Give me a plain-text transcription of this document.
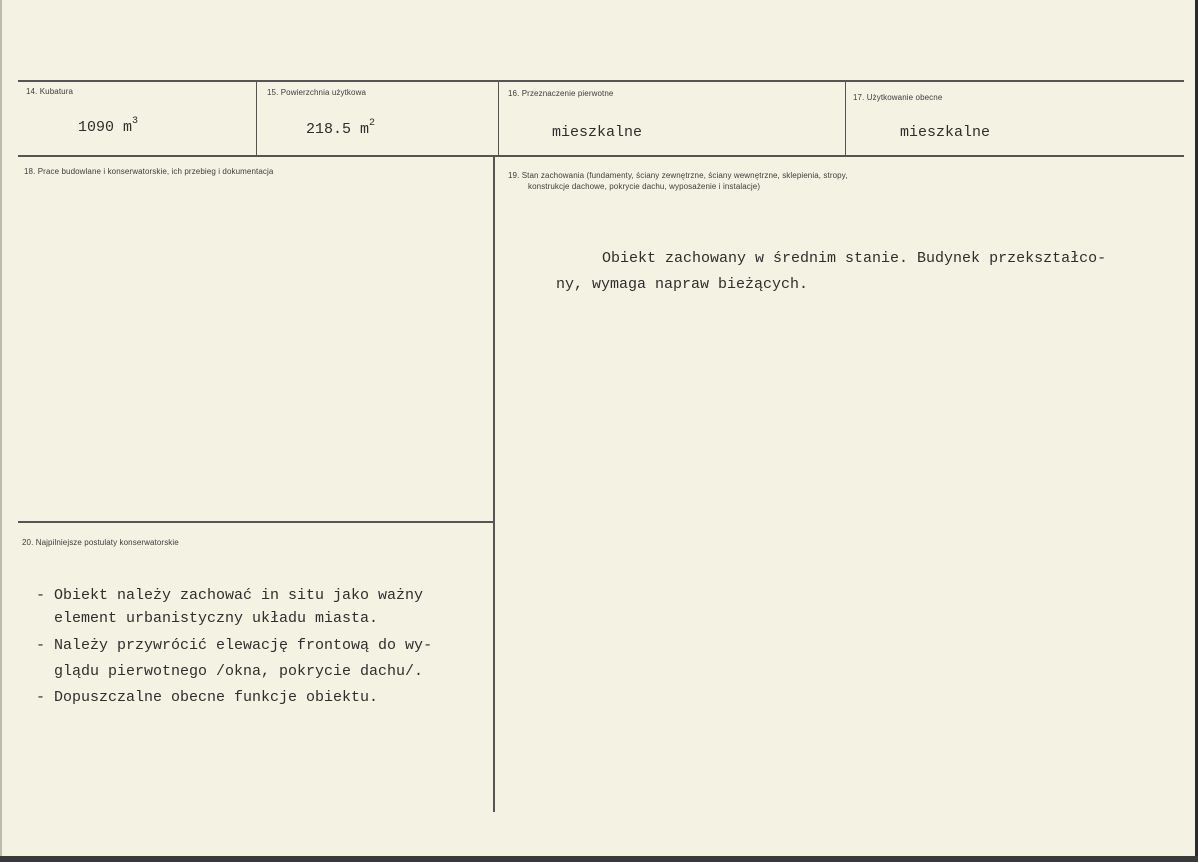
14. Kubatura
1090 $m^3$
15. Powierzchnia użytkowa
218.5 $m^2$
16. Przeznaczenie pierwotne
mieszkalne
17. Użytkowanie obecne
mieszkalne
18. Prace budowlane i konserwatorskie, ich przebieg i dokumentacja	19. Stan zachowania (fundamenty, ściany zewnętrzne, ściany wewnętrzne, sklepienia, stropy,
konstrukcje dachowe, pokrycie dachu, wyposażenie i instalacje)
Obiekt zachowany w średnim stanie. Budynek przekształco-
ny, wymaga napraw bieżących.
20. Najpilniejsze postulaty konserwatorskie
- Obiekt należy zachować in situ jako ważny
element urbanistyczny układu miasta.
- Należy przywrócić elewację frontową do wy-
glądu pierwotnego /okna, pokrycie dachu/.
- Dopuszczalne obecne funkcje obiektu.
